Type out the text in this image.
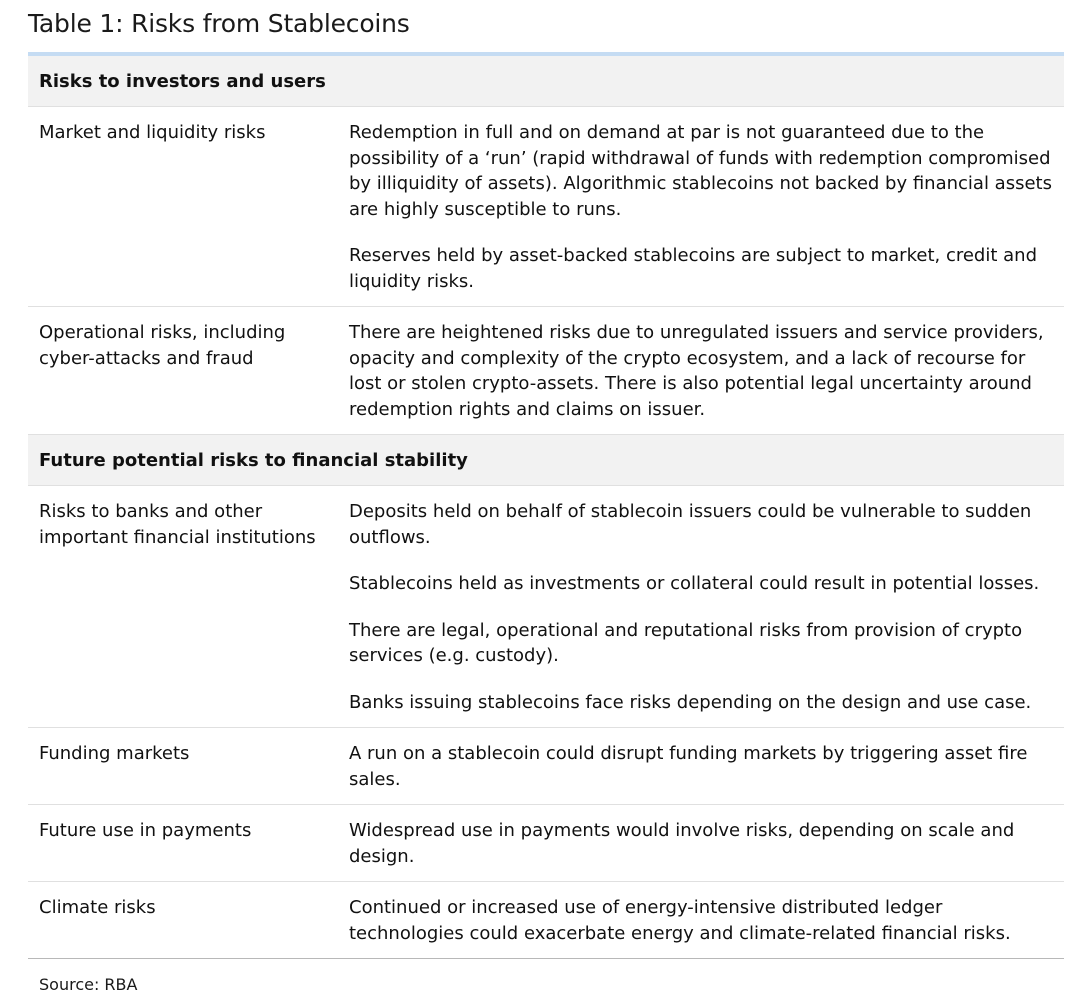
Table 1: Risks from Stablecoins
Risks to investors and users	
Market and liquidity risks	Redemption in full and on demand at par is not guaranteed due to the possibility of a ‘run’ (rapid withdrawal of funds with redemption compromised by illiquidity of assets). Algorithmic stablecoins not backed by financial assets are highly susceptible to runs.

Reserves held by asset-backed stablecoins are subject to market, credit and liquidity risks.

Operational risks, including cyber-attacks and fraud	There are heightened risks due to unregulated issuers and service providers, opacity and complexity of the crypto ecosystem, and a lack of recourse for lost or stolen crypto-assets. There is also potential legal uncertainty around redemption rights and claims on issuer.

Future potential risks to financial stability	
Risks to banks and other important financial institutions	Deposits held on behalf of stablecoin issuers could be vulnerable to sudden outflows.

Stablecoins held as investments or collateral could result in potential losses.

There are legal, operational and reputational risks from provision of crypto services (e.g. custody).

Banks issuing stablecoins face risks depending on the design and use case.

Funding markets	A run on a stablecoin could disrupt funding markets by triggering asset fire sales.

Future use in payments	Widespread use in payments would involve risks, depending on scale and design.

Climate risks	Continued or increased use of energy-intensive distributed ledger technologies could exacerbate energy and climate-related financial risks.

Source: RBA
